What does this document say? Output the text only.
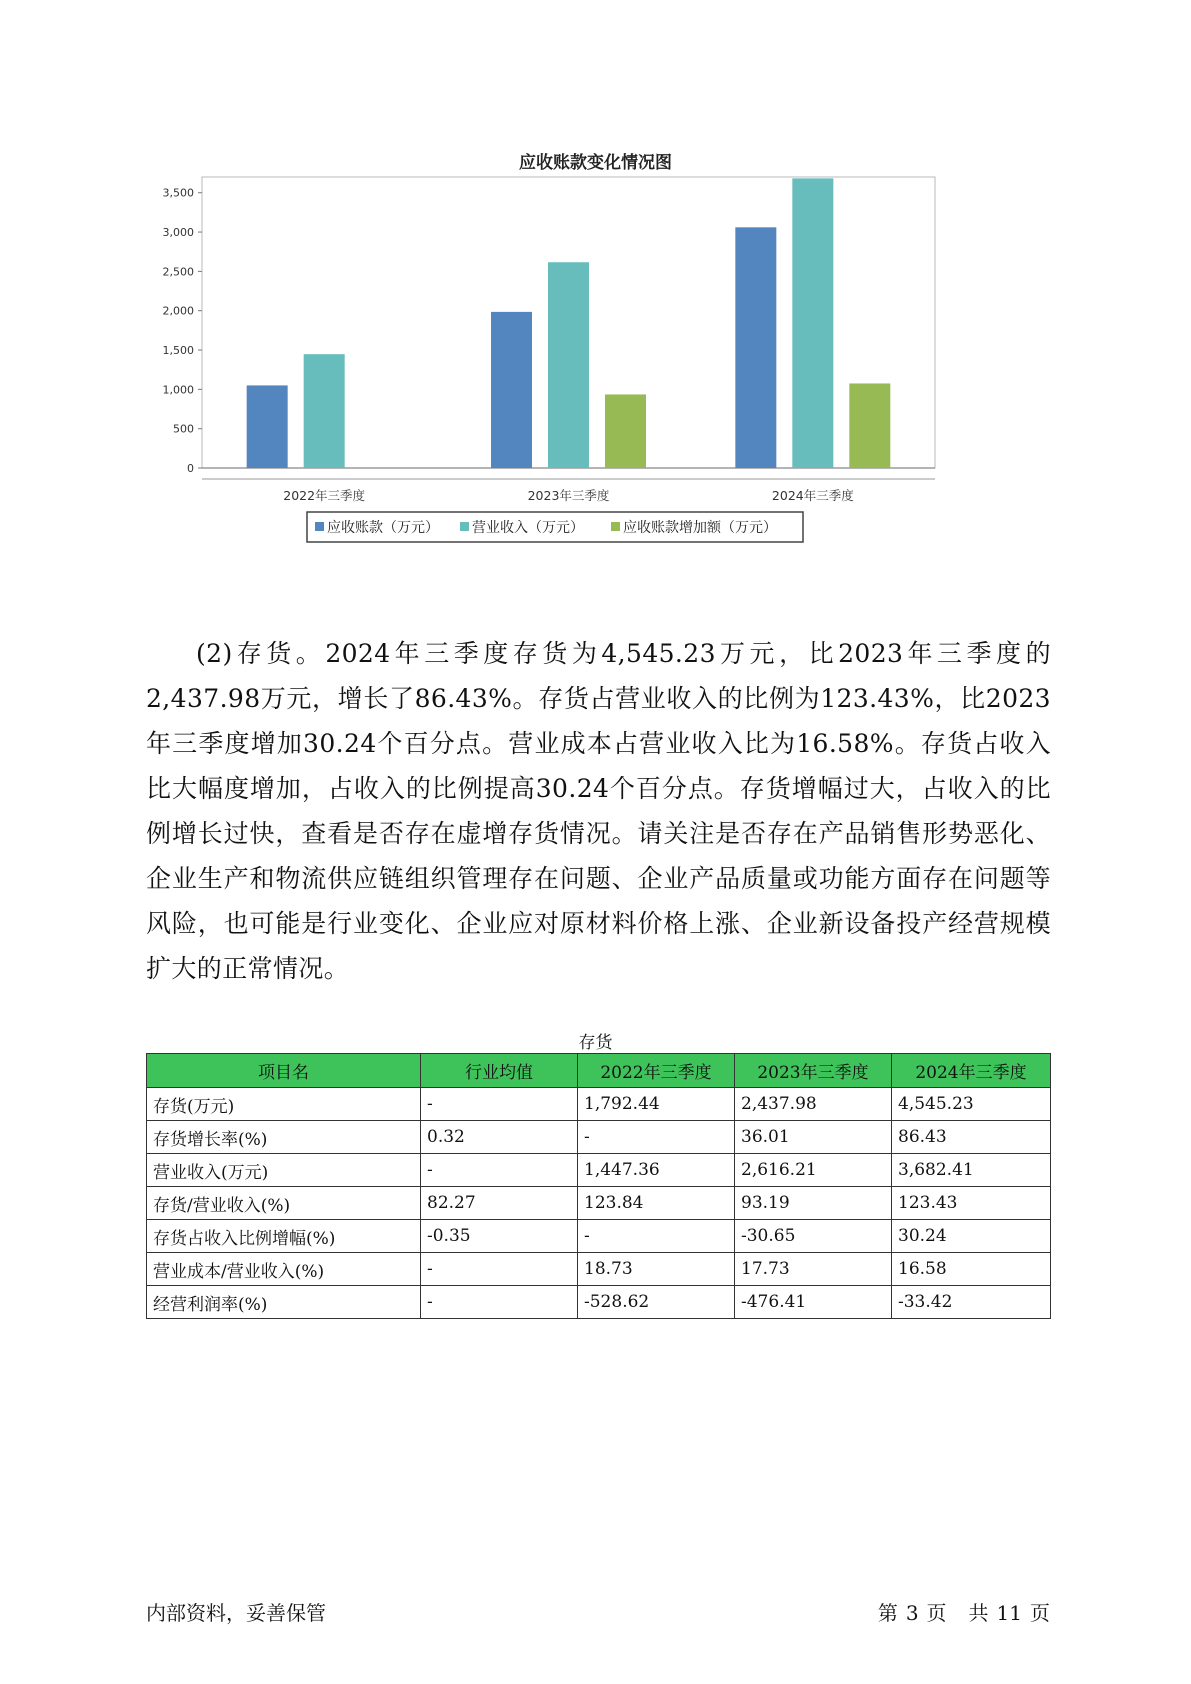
应收账款变化情况图
0
500
1,000
1,500
2,000
2,500
3,000
3,500
2022年三季度	2023年三季度	2024年三季度
应收账款（万元） 营业收入（万元）	应收账款增加额（万元）
(2)存货。2024年三季度存货为4,545.23万元，比2023年三季度的2,437.98万元，增长了86.43%。存货占营业收入的比例为123.43%，比2023年三季度增加30.24个百分点。营业成本占营业收入比为16.58%。存货占收入比大幅度增加，占收入的比例提高30.24个百分点。存货增幅过大，占收入的比例增长过快，查看是否存在虚增存货情况。请关注是否存在产品销售形势恶化、企业生产和物流供应链组织管理存在问题、企业产品质量或功能方面存在问题等风险，也可能是行业变化、企业应对原材料价格上涨、企业新设备投产经营规模扩大的正常情况。
存货
项目名	行业均值	2022年三季度	2023年三季度	2024年三季度
存货(万元)	-	1,792.44	2,437.98	4,545.23
存货增长率(%)	0.32	-	36.01	86.43
营业收入(万元)	-	1,447.36	2,616.21	3,682.41
存货/营业收入(%)	82.27	123.84	93.19	123.43
存货占收入比例增幅(%)	-0.35	-	-30.65	30.24
营业成本/营业收入(%)	-	18.73	17.73	16.58
经营利润率(%)	-	-528.62	-476.41	-33.42
内部资料，妥善保管	第 3 页 共 11 页
